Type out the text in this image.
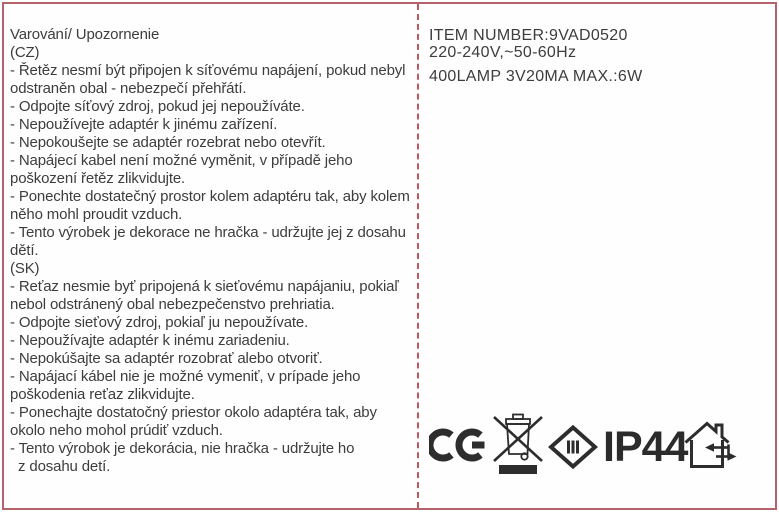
Varování/ Upozornenie
(CZ)
- Řetěz nesmí být připojen k síťovému napájení, pokud nebyl
odstraněn obal - nebezpečí přehřátí.
- Odpojte síťový zdroj, pokud jej nepoužíváte.
- Nepoužívejte adaptér k jinému zařízení.
- Nepokoušejte se adaptér rozebrat nebo otevřít.
- Napájecí kabel není možné vyměnit, v případě jeho
poškození řetěz zlikvidujte.
- Ponechte dostatečný prostor kolem adaptéru tak, aby kolem
něho mohl proudit vzduch.
- Tento výrobek je dekorace ne hračka - udržujte jej z dosahu
dětí.
(SK)
- Reťaz nesmie byť pripojená k sieťovému napájaniu, pokiaľ
nebol odstránený obal nebezpečenstvo prehriatia.
- Odpojte sieťový zdroj, pokiaľ ju nepoužívate.
- Nepoužívajte adaptér k inému zariadeniu.
- Nepokúšajte sa adaptér rozobrať alebo otvoriť.
- Napájací kábel nie je možné vymeniť, v prípade jeho
poškodenia reťaz zlikvidujte.
- Ponechajte dostatočný priestor okolo adaptéra tak, aby
okolo neho mohol prúdiť vzduch.
- Tento výrobok je dekorácia, nie hračka - udržujte ho
z dosahu detí.
ITEM NUMBER:9VAD0520
220-240V,~50-60Hz
400LAMP 3V20MA MAX.:6W
IP44
